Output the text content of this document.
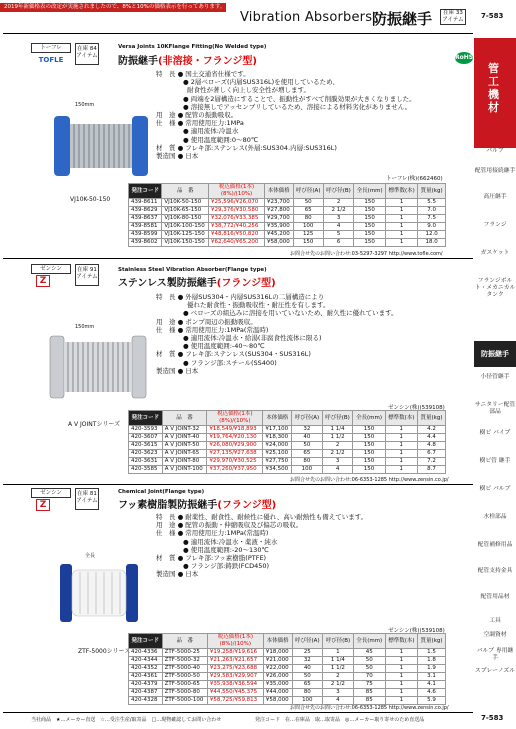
2019年新価格表の改定が実施されましたので、8%と10%の価格表示を行ってあります。
Vibration Absorbers 防振継手	在庫 33アイテム	7-583
管工機材
RoHS
バルブ
配管用接続継手
高圧継手
フランジ
ガスケット
フランジボルト・メカニカルタンク
防振継手
小径管継手
サニタリー配管部品
樹ビ パイプ
樹ビ管 継手
樹ビ バルブ
水栓部品
配管補修用品
配管支持金具
配管用品材
工具
空調資材
バルブ 専用継手
スプレーノズル
トーフレ	在庫 84アイテム
TOFLE
Versa Joints 10KFlange Fitting(No Welded type)
防振継手(非溶接・フランジ型)
特　長 ● 国土交通省仕様です。
● 2層ベローズ(内層SUS316L)を使用しているため、
耐食性が著しく向上し安全性が増します。
● 両端を2層構造にすることで、振動性がすべて削膜効果が大きくなりました。
● 溶接無しでアッセンブリしているため、溶接による材料劣化がありません。
用　途 ● 配管の振動吸収。
仕　様 ● 常用使用圧力:1MPa
● 適用流体:冷温水
● 使用温度範囲:0～80℃
材　質 ● フレキ部:ステンレス(外層:SUS304.内層:SUS316L)
製造国 ● 日本
150mm
VJ10K-50-150
トーフレ(株)(662460)
発注コード	品　番	税込価格(1本)(8%)/(10%)	本体価格	呼び径(A)	呼び径(B)	全長(mm)	標準数(本)	質量(kg)
439-8611	VJ10K-50-150	¥25,596/¥26,070	¥23,700	50	2	150	1	5.5
439-8629	VJ10K-65-150	¥29,376/¥30,580	¥27,800	65	2 1/2	150	1	7.0
439-8637	VJ10K-80-150	¥32,076/¥33,385	¥29,700	80	3	150	1	7.5
439-8581	VJ10K-100-150	¥38,772/¥40,256	¥35,900	100	4	150	1	9.0
439-8599	VJ10K-125-150	¥48,816/¥50,820	¥45,200	125	5	150	1	12.0
439-8602	VJ10K-150-150	¥62,640/¥65,200	¥58,000	150	6	150	1	18.0
お問合せ先のお問い合わせ:03-5297-3297 http://www.tofle.com/
ゼンシン	在庫 91アイテム
Z
Stainless Steel Vibration Absorber(Flange type)
ステンレス製防振継手(フランジ型)
特　長 ● 外層SUS304・内層SUS316Lの二層構造により
優れた耐食性・振動吸収性・耐圧性を有します。
● ベローズの組込みに溶接を用いていないため、耐久性に優れています。
用　途 ● ポンプ周辺の振動吸収。
仕　様 ● 常用使用圧力:1MPa(常温時)
● 適用流体:冷温水・給湯(非腐食性流体に限る)
● 使用温度範囲:-40～80℃
材　質 ● フレキ部:ステンレス(SUS304・SUS316L)
● フランジ部:スチール(SS400)
製造国 ● 日本
150mm
A V JOINTシリーズ
ゼンシン(株)(539108)
発注コード	品　番	税込価格(1本)(8%)/(10%)	本体価格	呼び径(A)	呼び径(B)	全長(mm)	標準数(本)	質量(kg)
420-3593	A V JOINT-32	¥18,549/¥18,893	¥17,100	32	1 1/4	150	1	4.2
420-3607	A V JOINT-40	¥19,764/¥20,130	¥18,300	40	1 1/2	150	1	4.4
420-3615	A V JOINT-50	¥26,080/¥29,900	¥24,000	50	2	150	1	4.8
420-3623	A V JOINT-65	¥27,135/¥27,638	¥25,100	65	2 1/2	150	1	6.7
420-3631	A V JOINT-80	¥29,970/¥30,525	¥27,750	80	3	150	1	7.2
420-3585	A V JOINT-100	¥37,260/¥37,950	¥34,500	100	4	150	1	8.7
お問合せ先のお問い合わせ:06-6353-1285 http://www.zensin.co.jp/
ゼンシン	在庫 81アイテム
Z
Chemical Joint(Flange type)
フッ素樹脂製防振継手(フランジ型)
特　長 ● 耐薬性、耐食性、耐候性に優れ、高い耐熱性も備えています。
用　途 ● 配管の振動・伸縮吸収及び偏芯の吸収。
仕　様 ● 常用使用圧力:1MPa(常温時)
● 適用流体:冷温水・薬液・純水
● 使用温度範囲:-20～130℃
材　質 ● フレキ部:フッ素樹脂(PTFE)
● フランジ部:鋳鉄(FCD450)
製造国 ● 日本
全長
ZTF-5000シリーズ
ゼンシン(株)(539108)
発注コード	品　番	税込価格(1本)(8%)/(10%)	本体価格	呼び径(A)	呼び径(B)	全長(mm)	標準数(本)	質量(kg)
420-4336	ZTF-5000-25	¥19,258/¥19,616	¥18,000	25	1	45	1	1.5
420-4344	ZTF-5000-32	¥21,263/¥21,657	¥21,000	32	1 1/4	50	1	1.8
420-4352	ZTF-5000-40	¥23,275/¥23,688	¥22,000	40	1 1/2	50	1	1.9
420-4361	ZTF-5000-50	¥29,583/¥29,907	¥26,000	50	2	70	1	3.1
420-4379	ZTF-5000-65	¥35,938/¥36,594	¥35,000	65	2 1/2	75	1	4.1
420-4387	ZTF-5000-80	¥44,550/¥45,375	¥44,000	80	3	85	1	4.6
420-4328	ZTF-5000-100	¥58,725/¥59,813	¥58,000	100	4	85	1	5.9
お問合せ先のお問い合わせ:06-6353-1285 http://www.zensin.co.jp/
当社商品　★…メーカー直送　☆…受注生産/取寄品　□…現物確認してお問い合わせ	発注コード　在…在庫品　取…取寄品　◎…メーカー取り寄せのため直送品	7-583
